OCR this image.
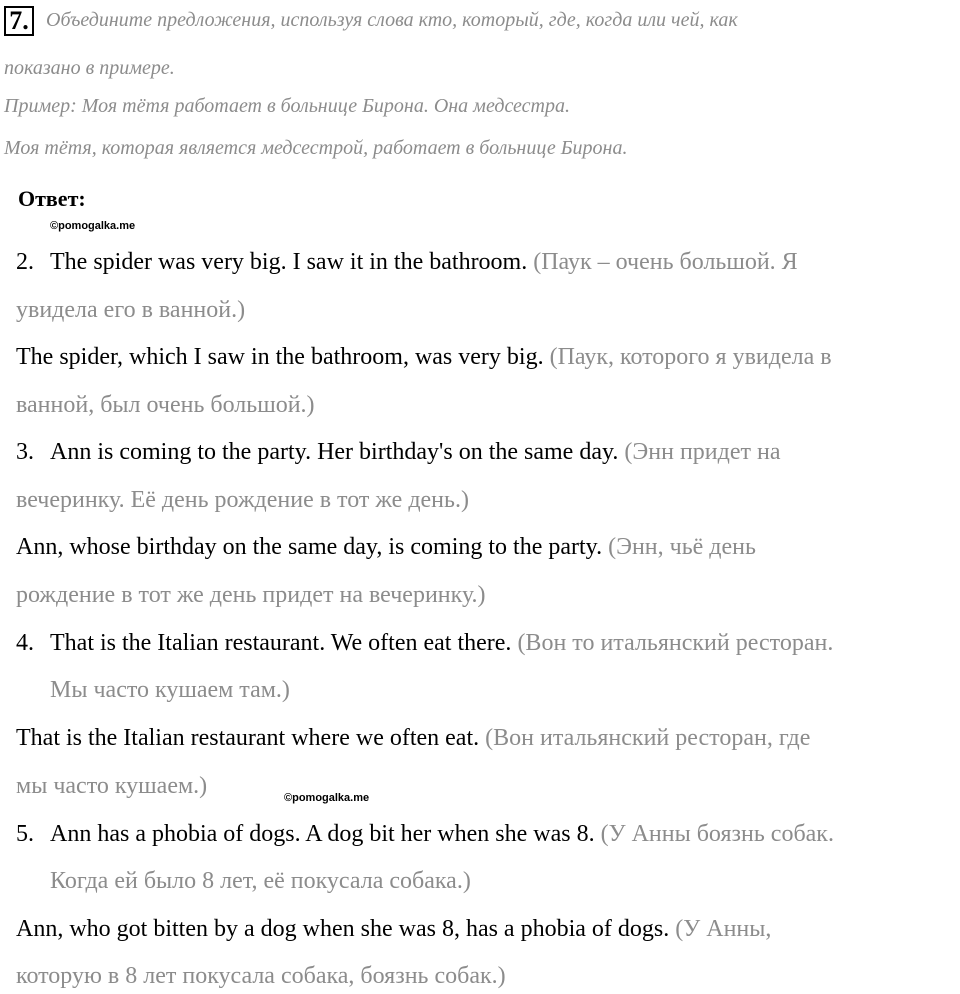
7. Объедините предложения, используя слова кто, который, где, когда или чей, как
показано в примере.
Пример: Моя тётя работает в больнице Бирона. Она медсестра.
Моя тётя, которая является медсестрой, работает в больнице Бирона.
Ответ:
©pomogalka.me
2. The spider was very big. I saw it in the bathroom. (Паук – очень большой. Я
увидела его в ванной.)
The spider, which I saw in the bathroom, was very big. (Паук, которого я увидела в
ванной, был очень большой.)
3. Ann is coming to the party. Her birthday's on the same day. (Энн придет на
вечеринку. Её день рождение в тот же день.)
Ann, whose birthday on the same day, is coming to the party. (Энн, чьё день
рождение в тот же день придет на вечеринку.)
4. That is the Italian restaurant. We often eat there. (Вон то итальянский ресторан.
Мы часто кушаем там.)
That is the Italian restaurant where we often eat. (Вон итальянский ресторан, где
мы часто кушаем.)	©pomogalka.me
5. Ann has a phobia of dogs. A dog bit her when she was 8. (У Анны боязнь собак.
Когда ей было 8 лет, её покусала собака.)
Ann, who got bitten by a dog when she was 8, has a phobia of dogs. (У Анны,
которую в 8 лет покусала собака, боязнь собак.)
